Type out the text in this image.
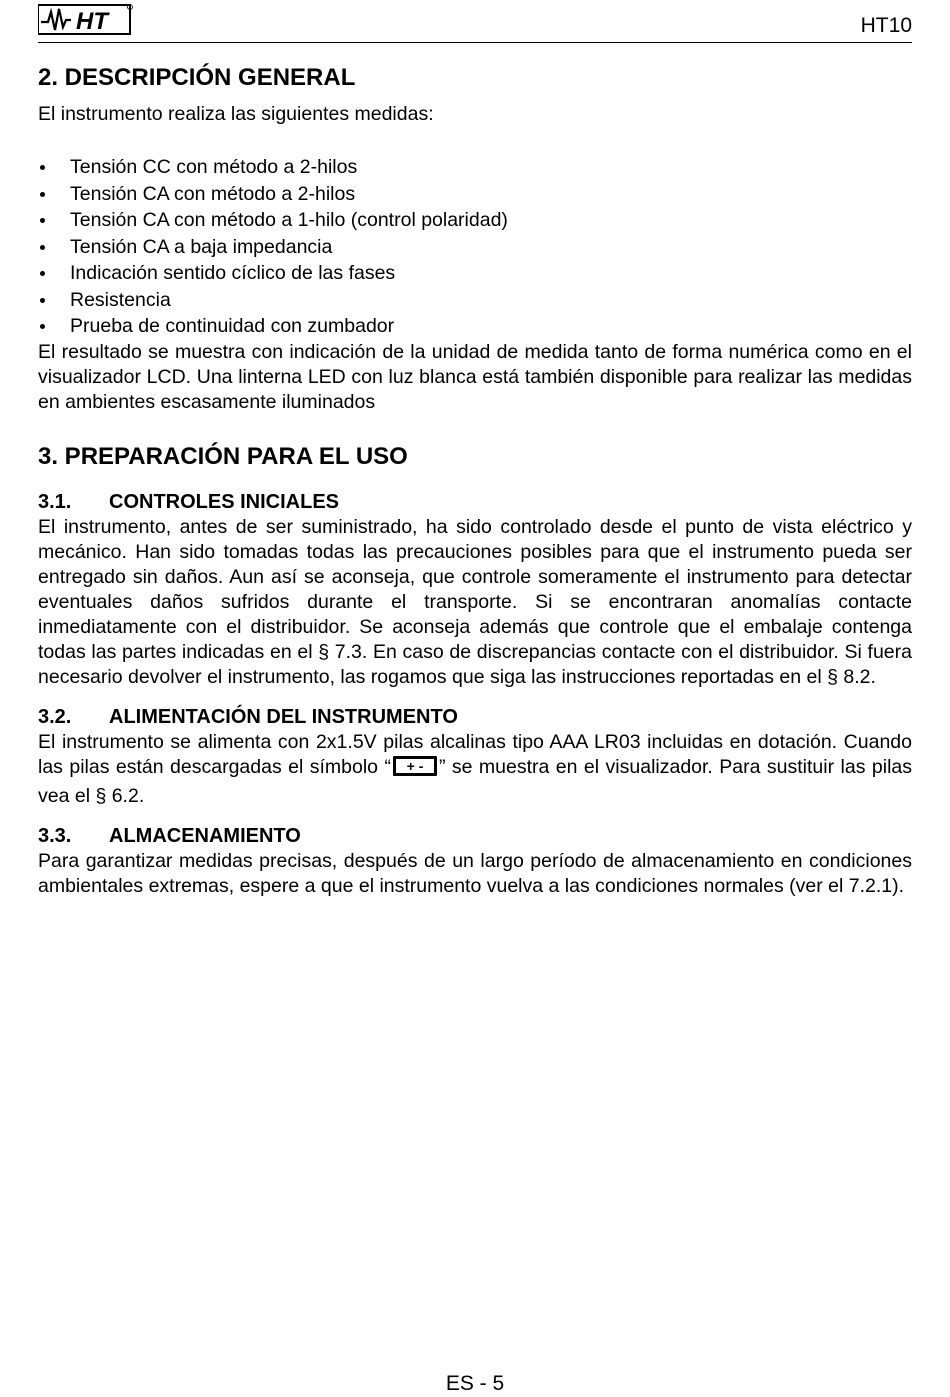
HT	HT10
2. DESCRIPCIÓN GENERAL

El instrumento realiza las siguientes medidas:

Tensión CC con método a 2-hilos
Tensión CA con método a 2-hilos
Tensión CA con método a 1-hilo (control polaridad)
Tensión CA a baja impedancia
Indicación sentido cíclico de las fases
Resistencia
Prueba de continuidad con zumbador

El resultado se muestra con indicación de la unidad de medida tanto de forma numérica como en el visualizador LCD. Una linterna LED con luz blanca está también disponible para realizar las medidas en ambientes escasamente iluminados

3. PREPARACIÓN PARA EL USO
3.1.	CONTROLES INICIALES

El instrumento, antes de ser suministrado, ha sido controlado desde el punto de vista eléctrico y mecánico. Han sido tomadas todas las precauciones posibles para que el instrumento pueda ser entregado sin daños. Aun así se aconseja, que controle someramente el instrumento para detectar eventuales daños sufridos durante el transporte. Si se encontraran anomalías contacte inmediatamente con el distribuidor. Se aconseja además que controle que el embalaje contenga todas las partes indicadas en el § 7.3. En caso de discrepancias contacte con el distribuidor. Si fuera necesario devolver el instrumento, las rogamos que siga las instrucciones reportadas en el § 8.2.

3.2.	ALIMENTACIÓN DEL INSTRUMENTO

El instrumento se alimenta con 2x1.5V pilas alcalinas tipo AAA LR03 incluidas en dotación. Cuando las pilas están descargadas el símbolo “ + - ” se muestra en el visualizador. Para sustituir las pilas vea el § 6.2.

3.3.	ALMACENAMIENTO

Para garantizar medidas precisas, después de un largo período de almacenamiento en condiciones ambientales extremas, espere a que el instrumento vuelva a las condiciones normales (ver el 7.2.1).

ES - 5
